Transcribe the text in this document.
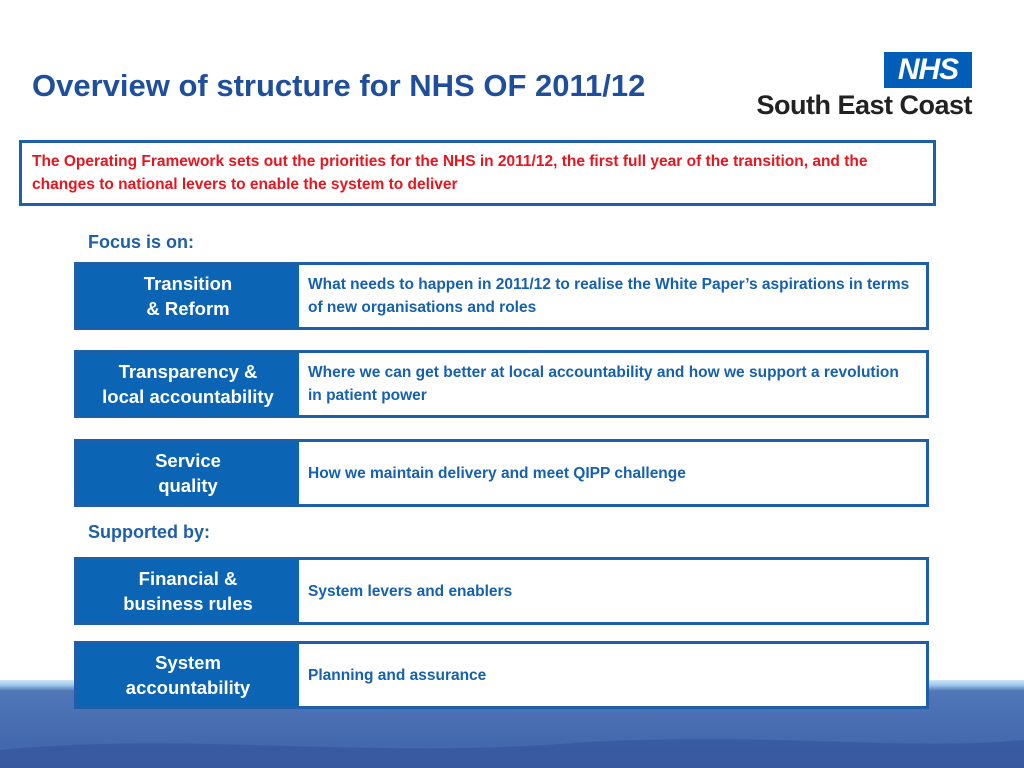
Overview of structure for NHS OF 2011/12	NHS
South East Coast
The Operating Framework sets out the priorities for the NHS in 2011/12, the first full year of the transition, and the changes to national levers to enable the system to deliver
Focus is on:
Transition
& Reform
What needs to happen in 2011/12 to realise the White Paper’s aspirations in terms of new organisations and roles
Transparency &
local accountability
Where we can get better at local accountability and how we support a revolution in patient power
Service
quality
How we maintain delivery and meet QIPP challenge
Supported by:
Financial &
business rules
System levers and enablers
System
accountability
Planning and assurance
